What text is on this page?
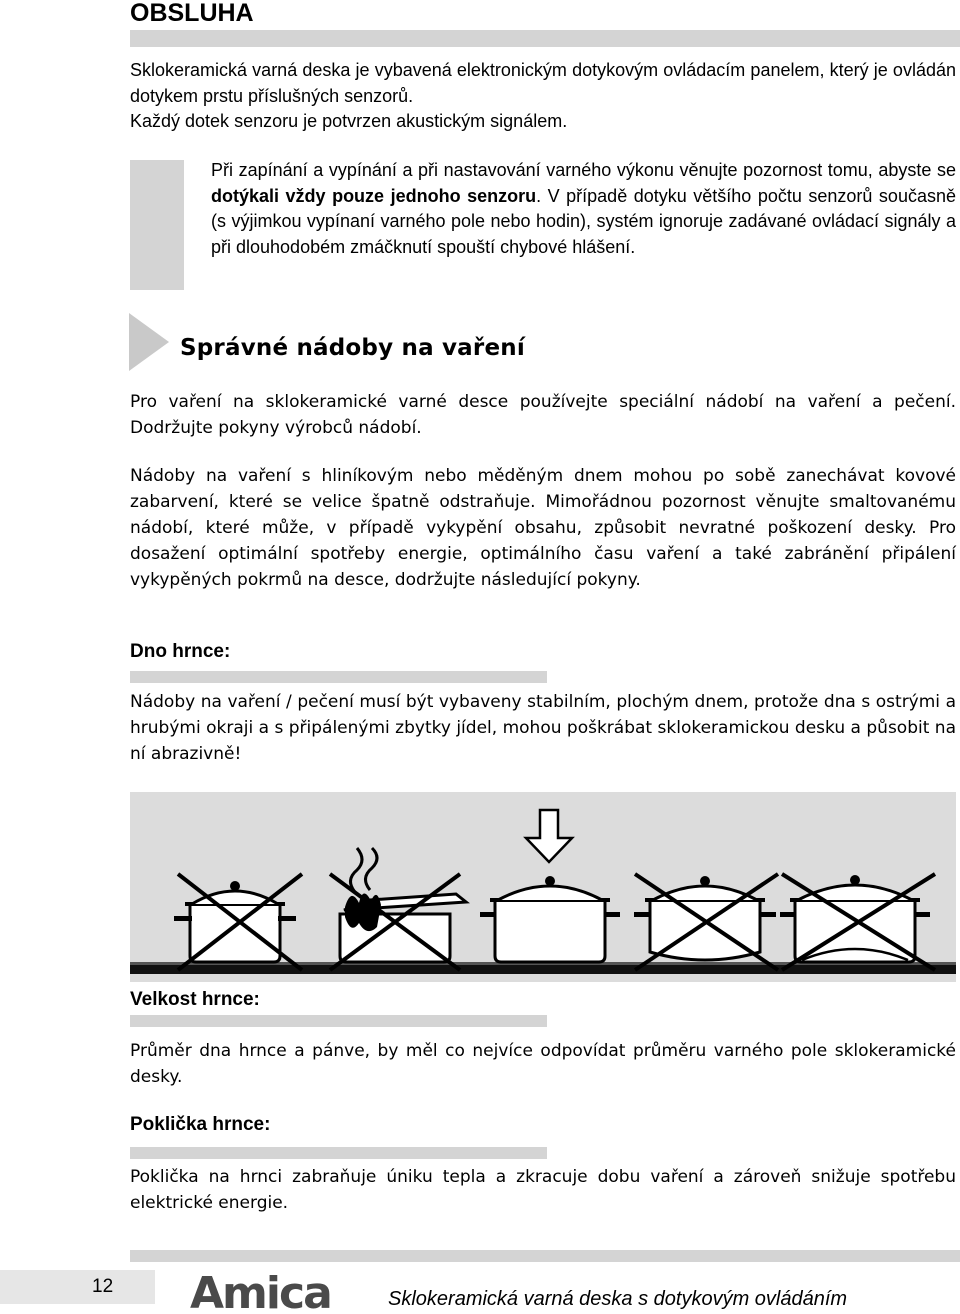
OBSLUHA
Sklokeramická varná deska je vybavená elektronickým dotykovým ovládacím panelem, který je ovládán dotykem prstu příslušných senzorů.
Každý dotek senzoru je potvrzen akustickým signálem.
Při zapínání a vypínání a při nastavování varného výkonu věnujte pozornost tomu, abyste se dotýkali vždy pouze jednoho senzoru. V případě dotyku většího počtu senzorů současně (s výjimkou vypínaní varného pole nebo hodin), systém ignoruje zadávané ovládací signály a při dlouhodobém zmáčknutí spouští chybové hlášení.
Správné nádoby na vaření
Pro vaření na sklokeramické varné desce používejte speciální nádobí na vaření a pečení. Dodržujte pokyny výrobců nádobí.
Nádoby na vaření s hliníkovým nebo měděným dnem mohou po sobě zanechávat kovové zabarvení, které se velice špatně odstraňuje. Mimořádnou pozornost věnujte smaltovanému nádobí, které může, v případě vykypění obsahu, způsobit nevratné poškození desky. Pro dosažení optimální spotřeby energie, optimálního času vaření a také zabránění připálení vykypěných pokrmů na desce, dodržujte následující pokyny.
Dno hrnce:
Nádoby na vaření / pečení musí být vybaveny stabilním, plochým dnem, protože dna s ostrými a hrubými okraji a s připálenými zbytky jídel, mohou poškrábat sklokeramickou desku a působit na ní abrazivně!
Velkost hrnce:
Průměr dna hrnce a pánve, by měl co nejvíce odpovídat průměru varného pole sklokeramické desky.
Poklička hrnce:
Poklička na hrnci zabraňuje úniku tepla a zkracuje dobu vaření a zároveň snižuje spotřebu elektrické energie.
12 Amica	Sklokeramická varná deska s dotykovým ovládáním
